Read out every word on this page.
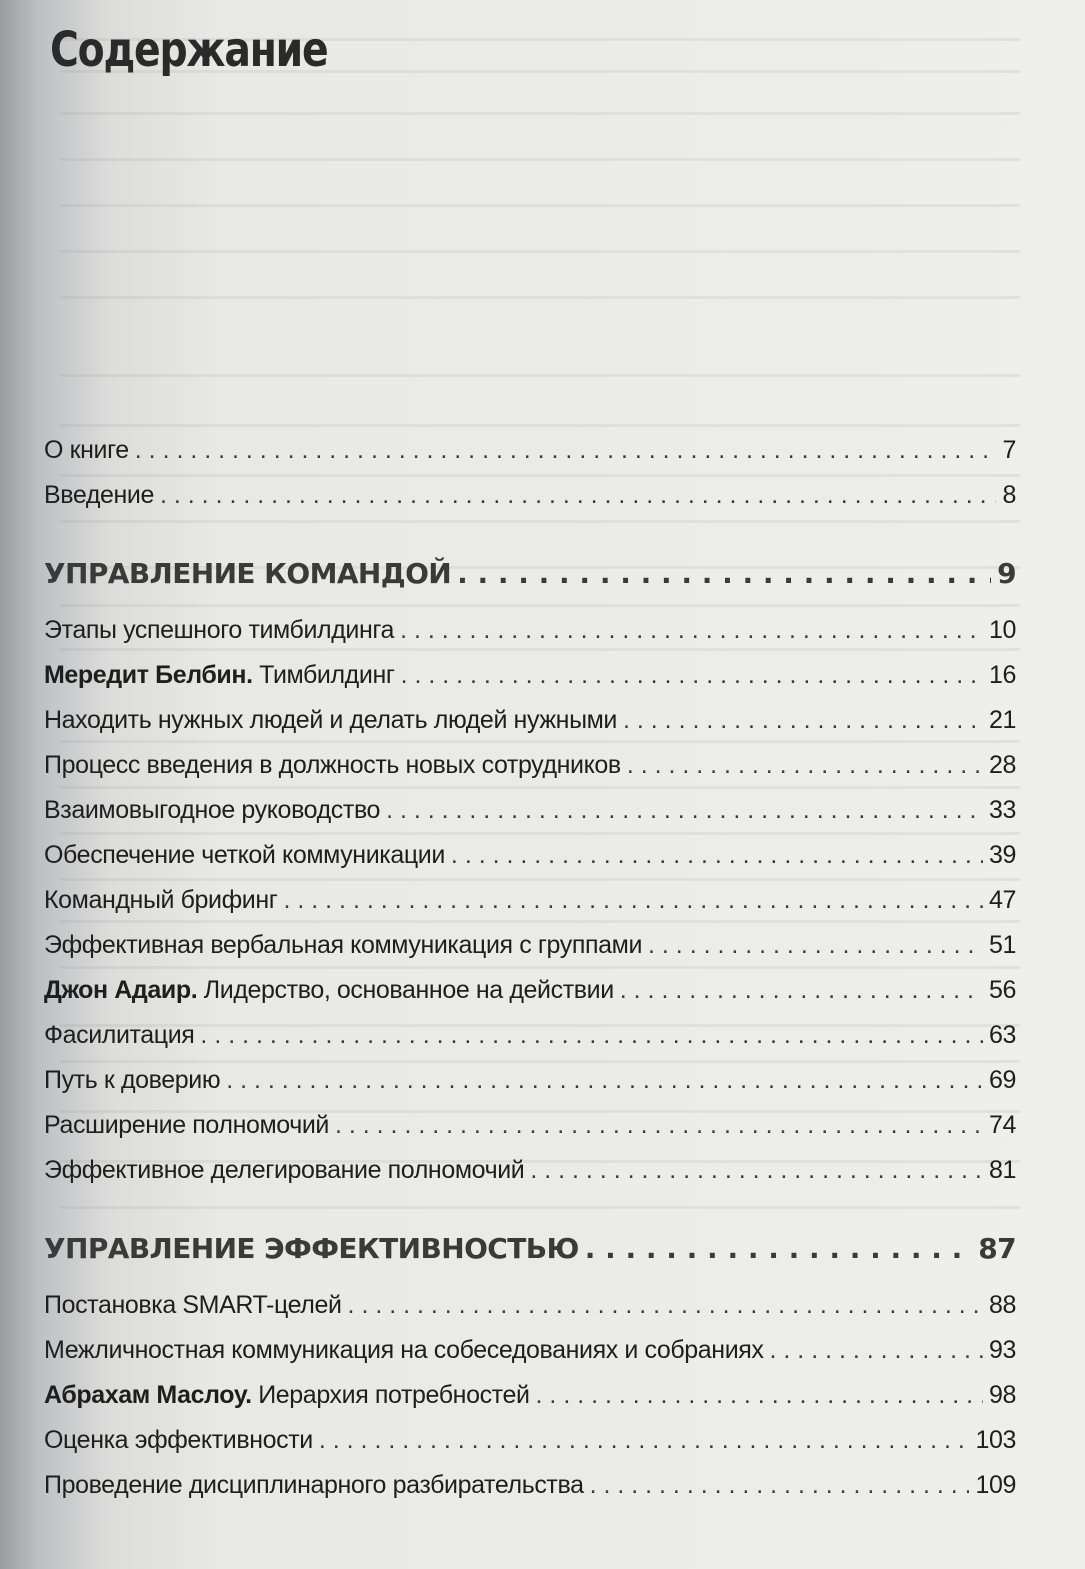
Содержание
О книге . . .	7
Введение . . .	8
УПРАВЛЕНИЕ КОМАНДОЙ . . .	9
Этапы успешного тимбилдинга . . .	10
Мередит Белбин. Тимбилдинг . . .	16
Находить нужных людей и делать людей нужными . . .	21
Процесс введения в должность новых сотрудников . . .	28
Взаимовыгодное руководство . . .	33
Обеспечение четкой коммуникации . . .	39
Командный брифинг . . .	47
Эффективная вербальная коммуникация с группами . . .	51
Джон Адаир. Лидерство, основанное на действии . . .	56
Фасилитация . . .	63
Путь к доверию . . .	69
Расширение полномочий . . .	74
Эффективное делегирование полномочий . . .	81
УПРАВЛЕНИЕ ЭФФЕКТИВНОСТЬЮ . . .	87
Постановка SMART-целей . . .	88
Межличностная коммуникация на собеседованиях и собраниях . . .	93
Абрахам Маслоу. Иерархия потребностей . . .	98
Оценка эффективности . . .	103
Проведение дисциплинарного разбирательства . . .	109
